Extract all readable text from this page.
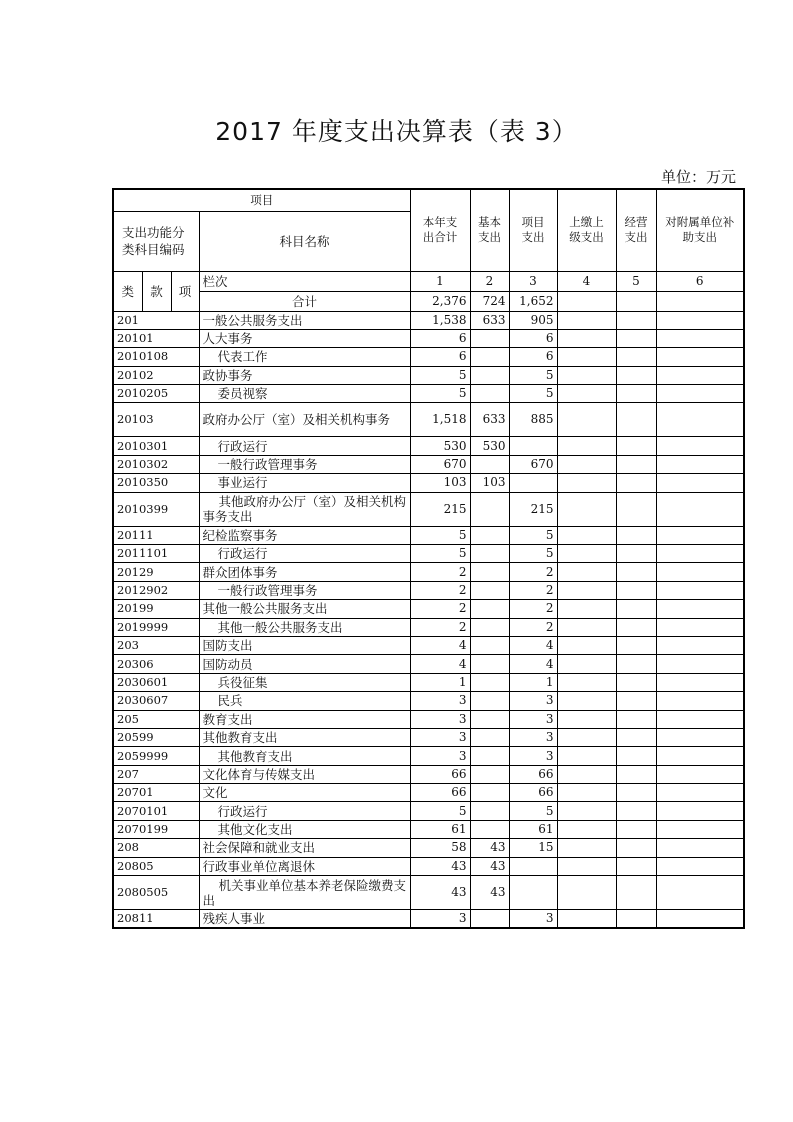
2017 年度支出决算表（表 3）
单位：万元
项目				本年支出合计	基本支出	项目支出	上缴上级支出	经营支出	对附属单位补助支出
支出功能分类科目编码			科目名称						
类	款	项	栏次	1	2	3	4	5	6
			合计	2,376	724	1,652			
201			一般公共服务支出	1,538	633	905			
20101			人大事务	6		6			
2010108			代表工作	6		6			
20102			政协事务	5		5			
2010205			委员视察	5		5			
20103			政府办公厅（室）及相关机构事务	1,518	633	885			
2010301			行政运行	530	530				
2010302			一般行政管理事务	670		670			
2010350			事业运行	103	103				
2010399			其他政府办公厅（室）及相关机构事务支出	215		215			
20111			纪检监察事务	5		5			
2011101			行政运行	5		5			
20129			群众团体事务	2		2			
2012902			一般行政管理事务	2		2			
20199			其他一般公共服务支出	2		2			
2019999			其他一般公共服务支出	2		2			
203			国防支出	4		4			
20306			国防动员	4		4			
2030601			兵役征集	1		1			
2030607			民兵	3		3			
205			教育支出	3		3			
20599			其他教育支出	3		3			
2059999			其他教育支出	3		3			
207			文化体育与传媒支出	66		66			
20701			文化	66		66			
2070101			行政运行	5		5			
2070199			其他文化支出	61		61			
208			社会保障和就业支出	58	43	15			
20805			行政事业单位离退休	43	43				
2080505			机关事业单位基本养老保险缴费支出	43	43				
20811			残疾人事业	3		3			
